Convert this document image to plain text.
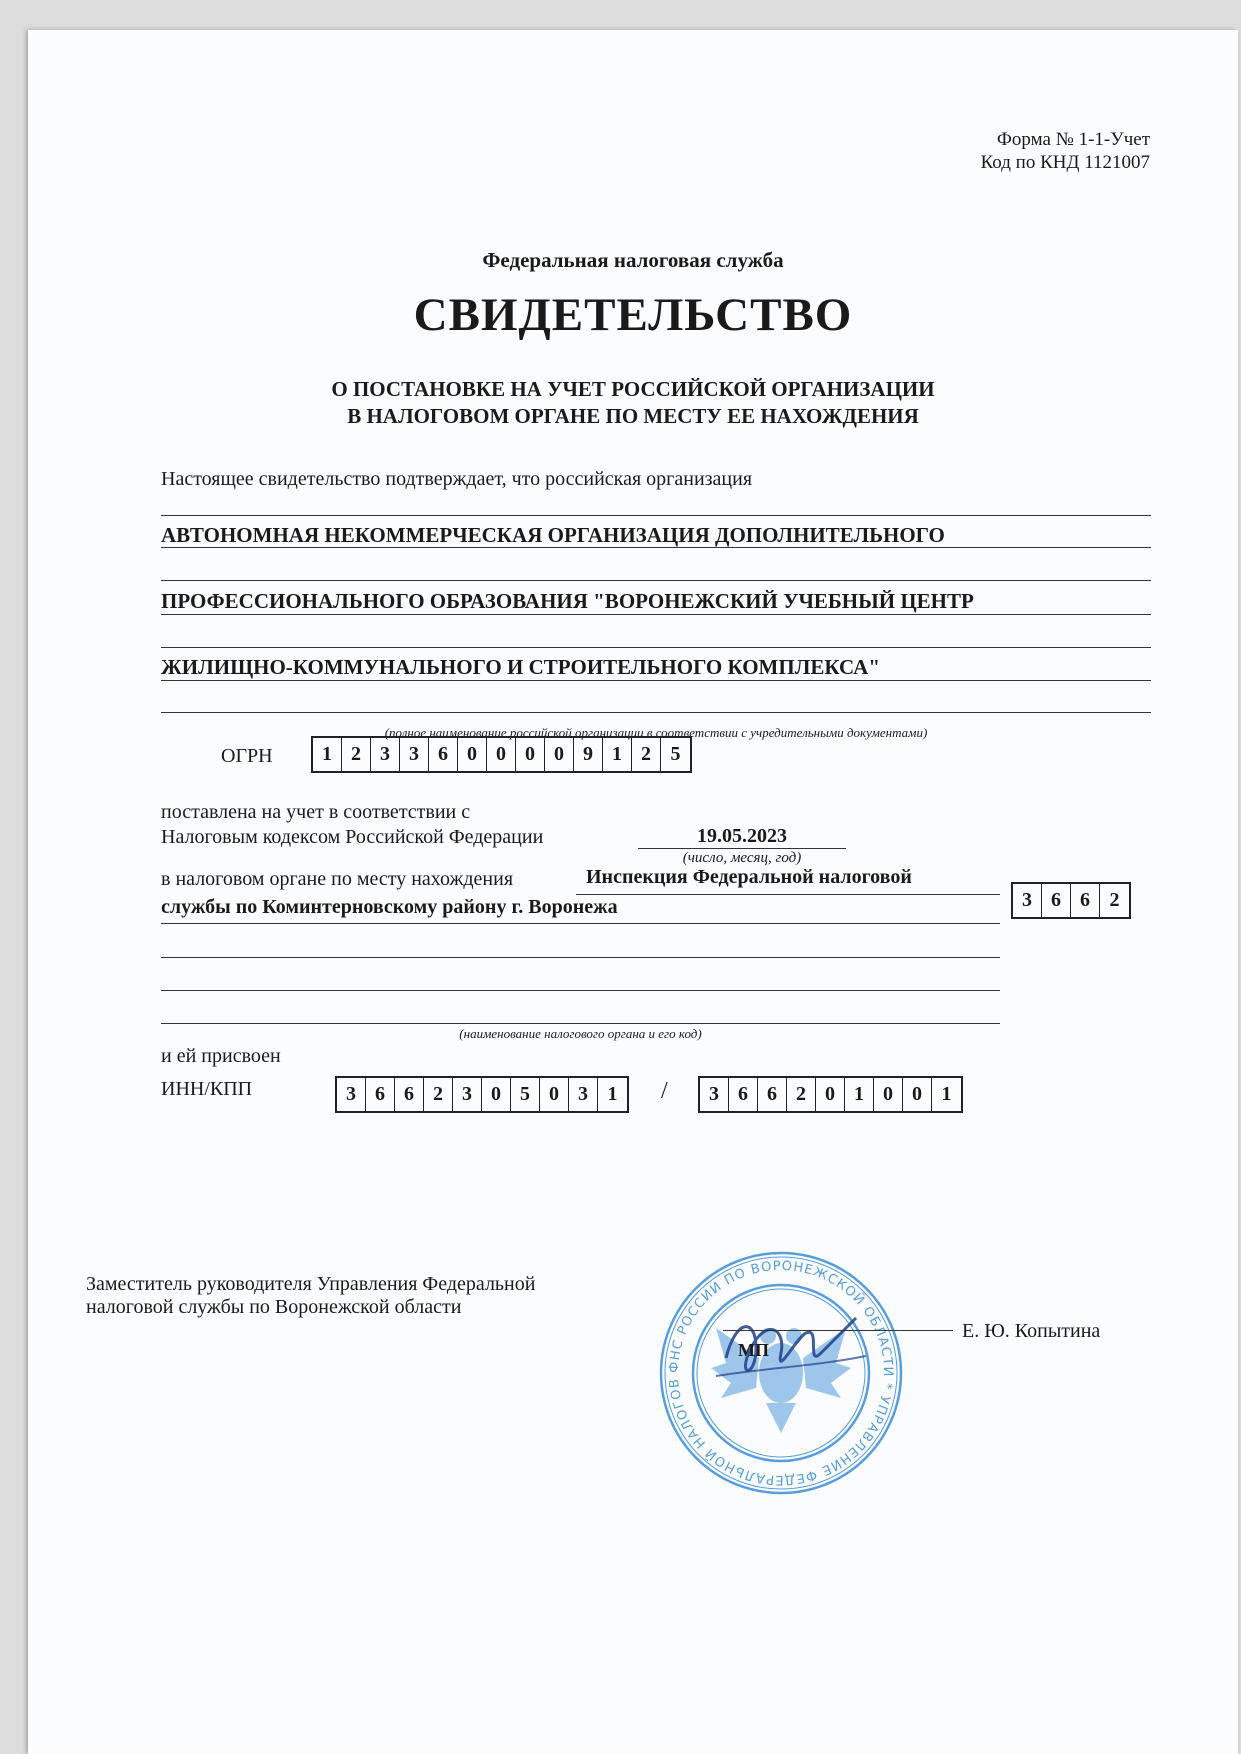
Форма № 1-1-Учет
Код по КНД 1121007
Федеральная налоговая служба
СВИДЕТЕЛЬСТВО
О ПОСТАНОВКЕ НА УЧЕТ РОССИЙСКОЙ ОРГАНИЗАЦИИ
В НАЛОГОВОМ ОРГАНЕ ПО МЕСТУ ЕЕ НАХОЖДЕНИЯ
Настоящее свидетельство подтверждает, что российская организация

АВТОНОМНАЯ НЕКОММЕРЧЕСКАЯ ОРГАНИЗАЦИЯ ДОПОЛНИТЕЛЬНОГО

ПРОФЕССИОНАЛЬНОГО ОБРАЗОВАНИЯ "ВОРОНЕЖСКИЙ УЧЕБНЫЙ ЦЕНТР

ЖИЛИЩНО-КОММУНАЛЬНОГО И СТРОИТЕЛЬНОГО КОМПЛЕКСА"

(полное наименование российской организации в соответствии с учредительными документами)
ОГРН	1 2 3 3 6 0 0 0 0 9 1 2 5
поставлена на учет в соответствии с
Налоговым кодексом Российской Федерации	19.05.2023
(число, месяц, год)
в налоговом органе по месту нахождения	Инспекция Федеральной налоговой
службы по Коминтерновскому району г. Воронежа	3 6 6 2
(наименование налогового органа и его код)
и ей присвоен
ИНН/КПП	3 6 6 2 3 0 5 0 3 1	/	3 6 6 2 0 1 0 0 1
Заместитель руководителя Управления Федеральной
налоговой службы по Воронежской области
ФНС РОССИИ ПО ВОРОНЕЖСКОЙ ОБЛАСТИ * УПРАВЛЕНИЕ ФЕДЕРАЛЬНОЙ НАЛОГОВ
МП
Е. Ю. Копытина
